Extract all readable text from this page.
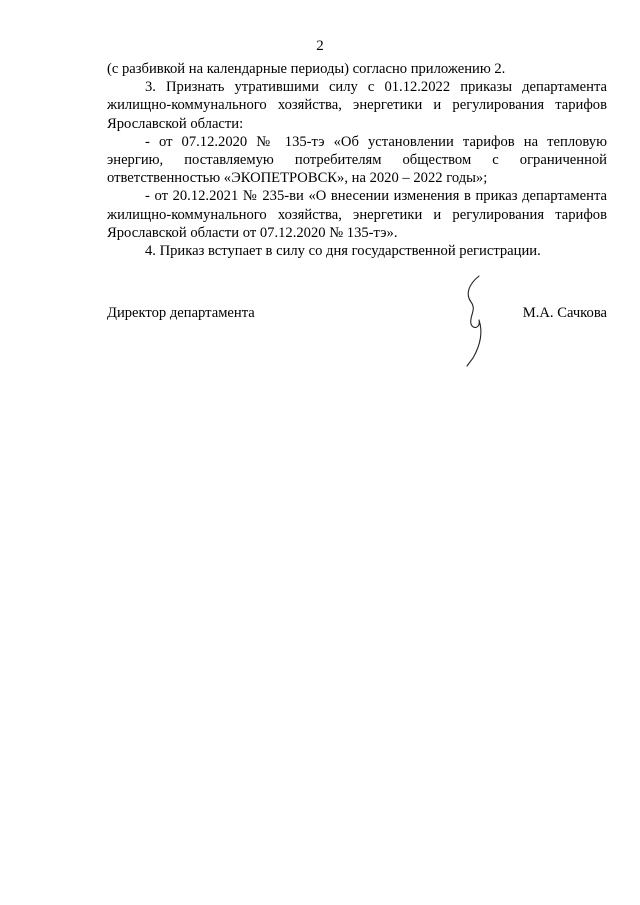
2

(с разбивкой на календарные периоды) согласно приложению 2.

3. Признать утратившими силу с 01.12.2022 приказы департамента жилищно-коммунального хозяйства, энергетики и регулирования тарифов Ярославской области:

- от 07.12.2020 № 135-тэ «Об установлении тарифов на тепловую энергию, поставляемую потребителям обществом с ограниченной ответственностью «ЭКОПЕТРОВСК», на 2020 – 2022 годы»;

- от 20.12.2021 № 235-ви «О внесении изменения в приказ департамента жилищно-коммунального хозяйства, энергетики и регулирования тарифов Ярославской области от 07.12.2020 № 135-тэ».

4. Приказ вступает в силу со дня государственной регистрации.

Директор департамента	М.А. Сачкова
